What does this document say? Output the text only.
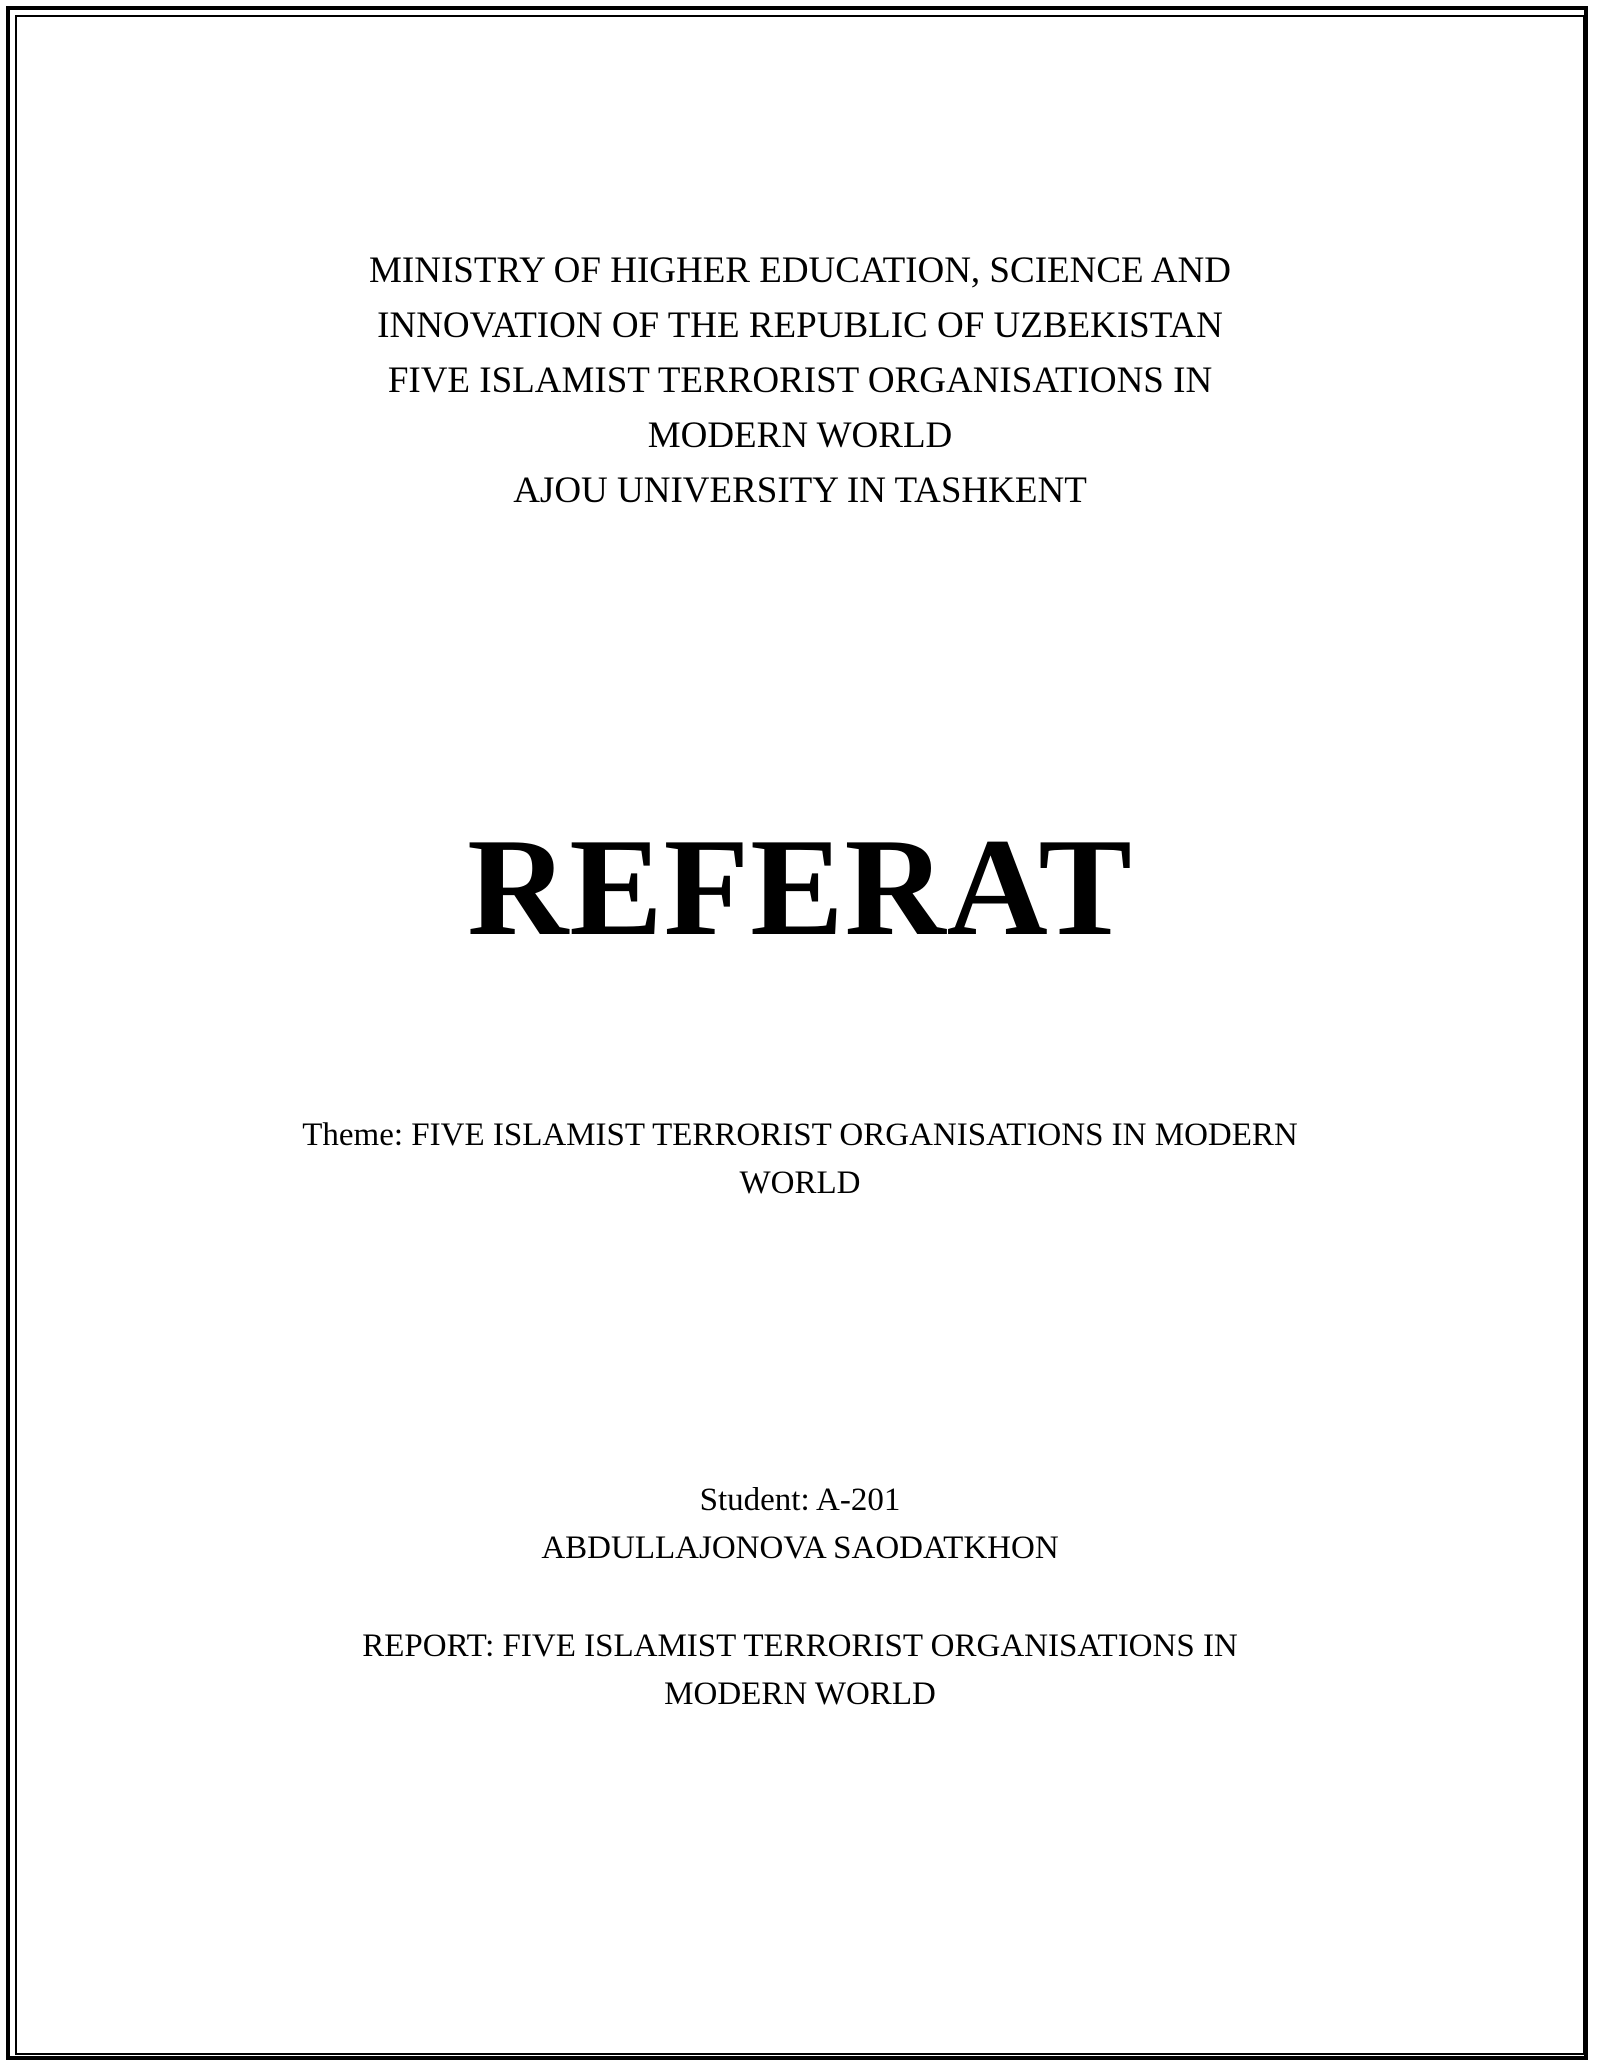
MINISTRY OF HIGHER EDUCATION, SCIENCE AND
INNOVATION OF THE REPUBLIC OF UZBEKISTAN
FIVE ISLAMIST TERRORIST ORGANISATIONS IN
MODERN WORLD
AJOU UNIVERSITY IN TASHKENT
REFERAT
Theme: FIVE ISLAMIST TERRORIST ORGANISATIONS IN MODERN
WORLD
Student: A-201
ABDULLAJONOVA SAODATKHON
REPORT: FIVE ISLAMIST TERRORIST ORGANISATIONS IN
MODERN WORLD
